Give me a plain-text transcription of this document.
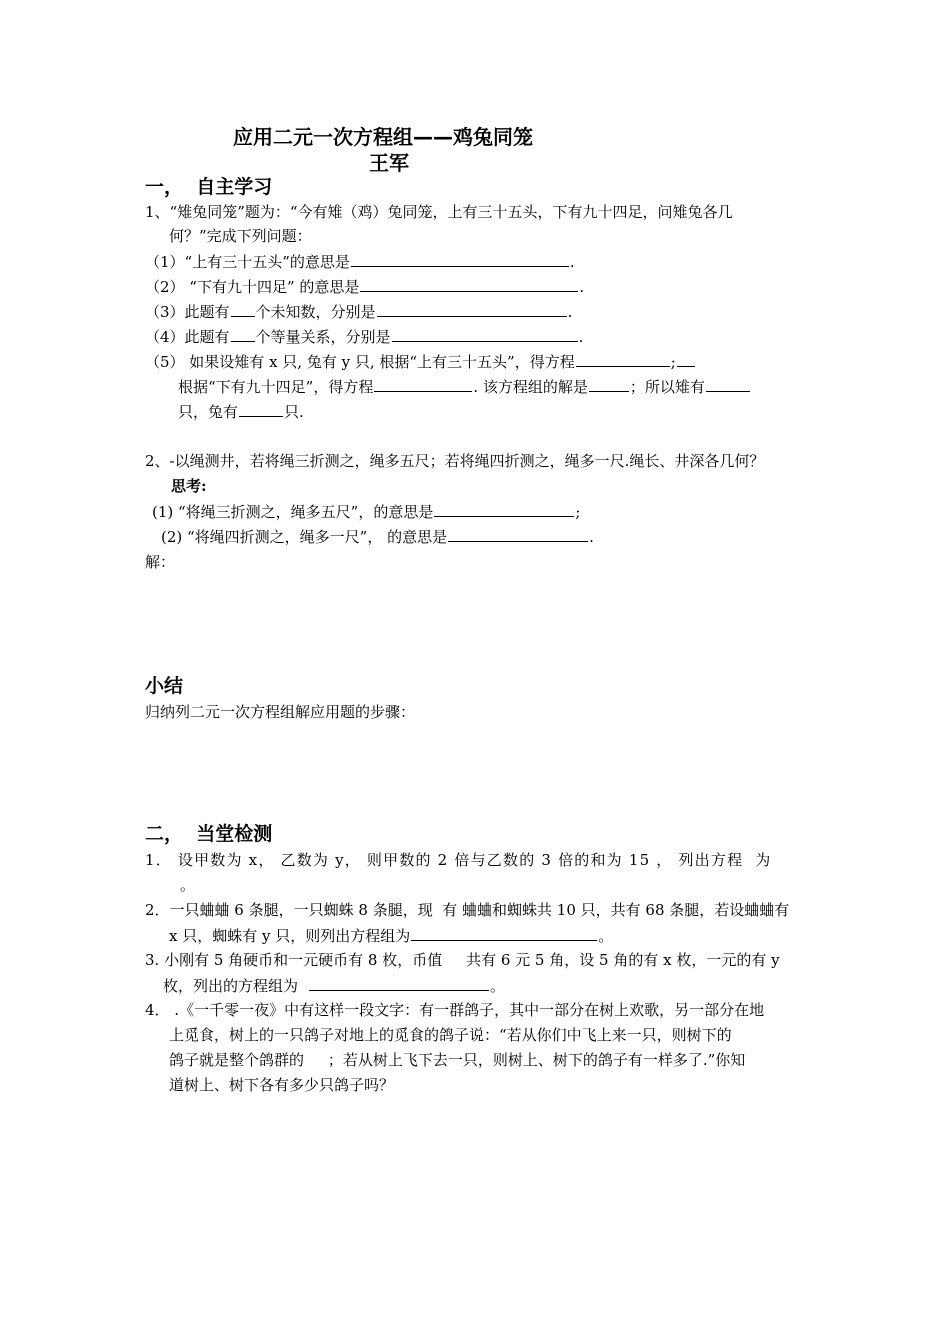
应用二元一次方程组——鸡兔同笼
王军
一，  自主学习
1、“雉兔同笼”题为：“今有雉（鸡）兔同笼，上有三十五头，下有九十四足，问雉兔各几
何？”完成下列问题：
（1）“上有三十五头”的意思是	.
（2） “下有九十四足” 的意思是	.
（3）此题有 个未知数，分别是	.
（4）此题有 个等量关系，分别是	.
（5） 如果设雉有 x 只, 兔有 y 只, 根据“上有三十五头”，得方程	;
根据“下有九十四足”，得方程	. 该方程组的解是	；所以雉有
只，兔有	只.
2、-以绳测井，若将绳三折测之，绳多五尺；若将绳四折测之，绳多一尺.绳长、井深各几何？
思考:
(1) “将绳三折测之，绳多五尺”，的意思是	;
(2) “将绳四折测之，绳多一尺”， 的意思是	.
解：
小结
归纳列二元一次方程组解应用题的步骤：
二，  当堂检测
1． 设甲数为 x， 乙数为 y， 则甲数的 2 倍与乙数的 3 倍的和为 15 ， 列出方程  为
。
2．一只蛐蛐 6 条腿，一只蜘蛛 8 条腿，现  有 蛐蛐和蜘蛛共 10 只，共有 68 条腿，若设蛐蛐有
x 只，蜘蛛有 y 只，则列出方程组为	。
3. 小刚有 5 角硬币和一元硬币有 8 枚，币值     共有 6 元 5 角，设 5 角的有 x 枚，一元的有 y
枚，列出的方程组为	。
4． .《一千零一夜》中有这样一段文字：有一群鸽子，其中一部分在树上欢歌，另一部分在地
上觅食，树上的一只鸽子对地上的觅食的鸽子说：“若从你们中飞上来一只，则树下的
鸽子就是整个鸽群的     ；若从树上飞下去一只，则树上、树下的鸽子有一样多了.”你知
道树上、树下各有多少只鸽子吗？
